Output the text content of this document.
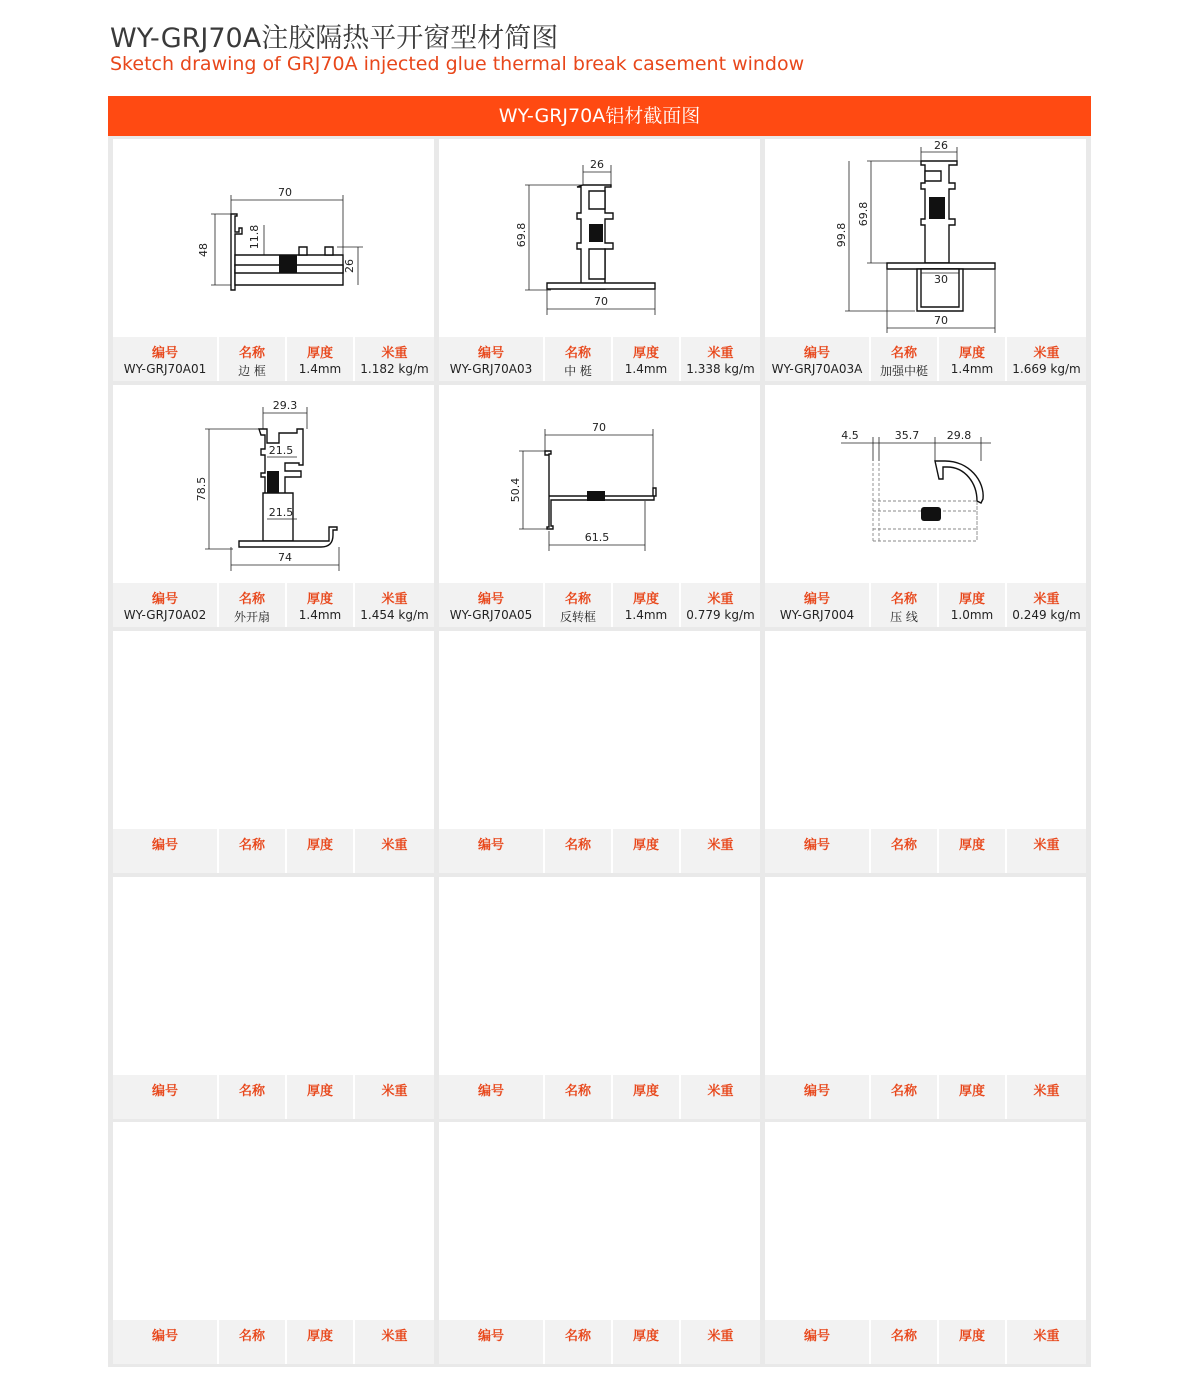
WY-GRJ70A注胶隔热平开窗型材简图
Sketch drawing of GRJ70A injected glue thermal break casement window
WY-GRJ70A铝材截面图
70
48
11.8
26
编号
WY-GRJ70A01
名称
边 框
厚度
1.4mm
米重
1.182 kg/m
26
69.8
70
编号
WY-GRJ70A03
名称
中 梃
厚度
1.4mm
米重
1.338 kg/m
26
69.8
99.8
30
70
编号
WY-GRJ70A03A
名称
加强中梃
厚度
1.4mm
米重
1.669 kg/m
29.3
78.5
21.5
21.5
74
编号
WY-GRJ70A02
名称
外开扇
厚度
1.4mm
米重
1.454 kg/m
70
50.4
61.5
编号
WY-GRJ70A05
名称
反转框
厚度
1.4mm
米重
0.779 kg/m
4.5	35.7	29.8
编号
WY-GRJ7004
名称
压 线
厚度
1.0mm
米重
0.249 kg/m
编号	名称	厚度	米重	编号	名称	厚度	米重	编号	名称	厚度	米重
编号	名称	厚度	米重	编号	名称	厚度	米重	编号	名称	厚度	米重
编号	名称	厚度	米重	编号	名称	厚度	米重	编号	名称	厚度	米重
